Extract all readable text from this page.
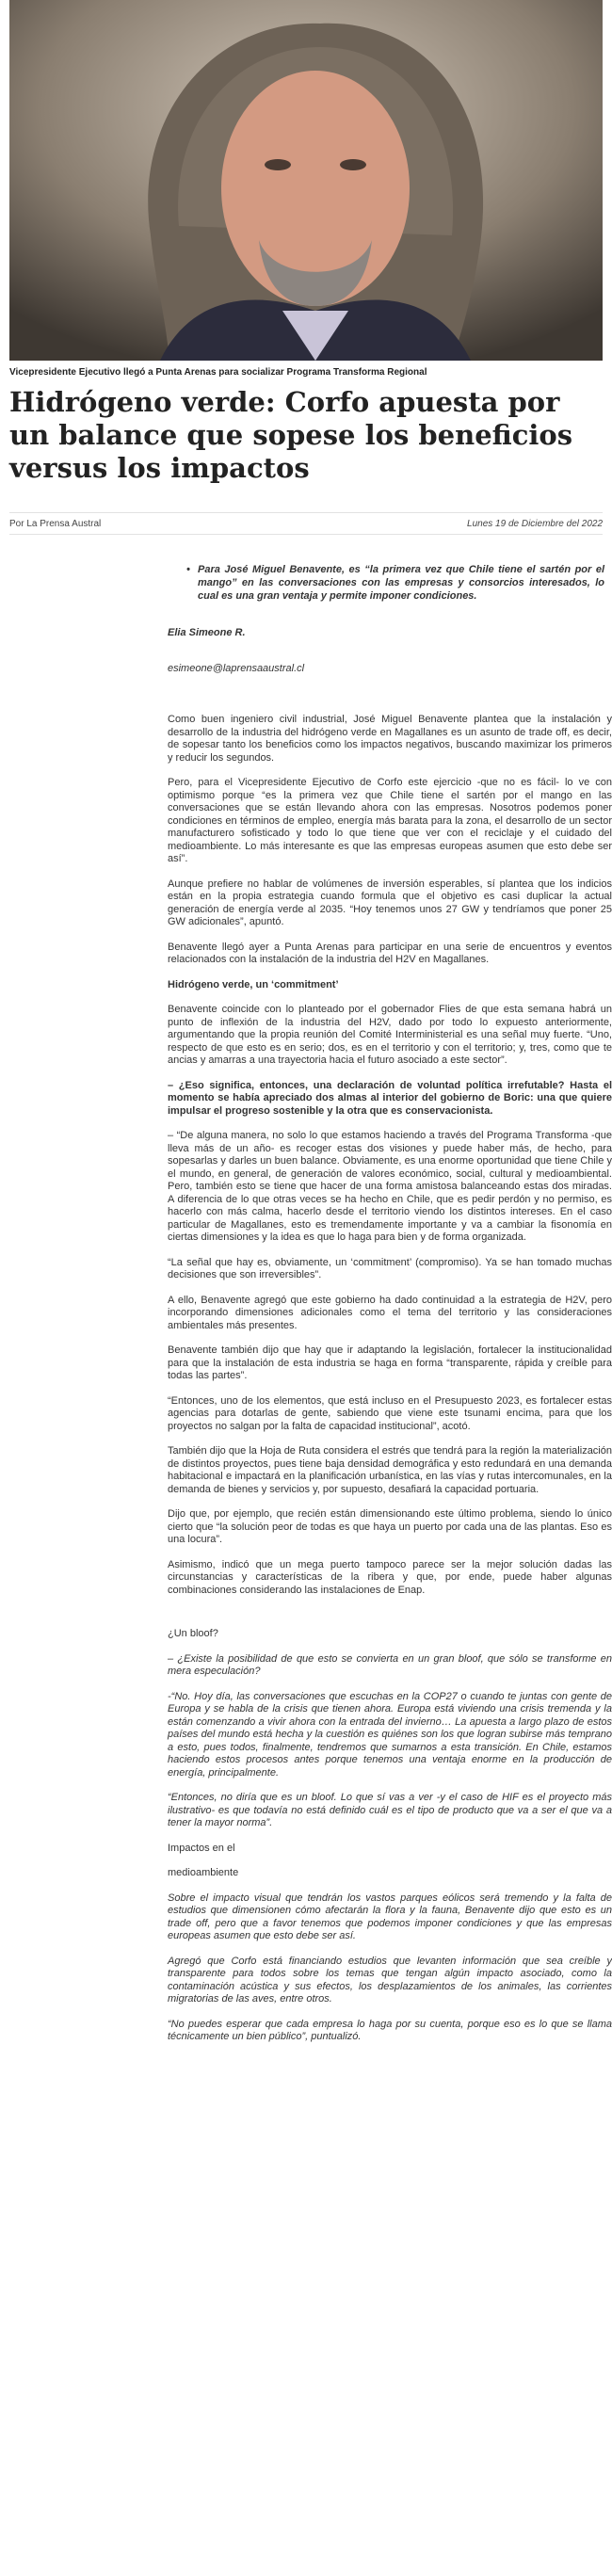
Vicepresidente Ejecutivo llegó a Punta Arenas para socializar Programa Transforma Regional
Hidrógeno verde: Corfo apuesta por un balance que sopese los beneficios versus los impactos
Por La Prensa Austral	Lunes 19 de Diciembre del 2022
• Para José Miguel Benavente, es “la primera vez que Chile tiene el sartén por el mango” en las conversaciones con las empresas y consorcios interesados, lo cual es una gran ventaja y permite imponer condiciones.
Elia Simeone R.
esimeone@laprensaaustral.cl

Como buen ingeniero civil industrial, José Miguel Benavente plantea que la instalación y desarrollo de la industria del hidrógeno verde en Magallanes es un asunto de trade off, es decir, de sopesar tanto los beneficios como los impactos negativos, buscando maximizar los primeros y reducir los segundos.

Pero, para el Vicepresidente Ejecutivo de Corfo este ejercicio -que no es fácil- lo ve con optimismo porque “es la primera vez que Chile tiene el sartén por el mango en las conversaciones que se están llevando ahora con las empresas. Nosotros podemos poner condiciones en términos de empleo, energía más barata para la zona, el desarrollo de un sector manufacturero sofisticado y todo lo que tiene que ver con el reciclaje y el cuidado del medioambiente. Lo más interesante es que las empresas europeas asumen que esto debe ser así”.

Aunque prefiere no hablar de volúmenes de inversión esperables, sí plantea que los indicios están en la propia estrategia cuando formula que el objetivo es casi duplicar la actual generación de energía verde al 2035. “Hoy tenemos unos 27 GW y tendríamos que poner 25 GW adicionales”, apuntó.

Benavente llegó ayer a Punta Arenas para participar en una serie de encuentros y eventos relacionados con la instalación de la industria del H2V en Magallanes.

Hidrógeno verde, un ‘commitment’

Benavente coincide con lo planteado por el gobernador Flies de que esta semana habrá un punto de inflexión de la industria del H2V, dado por todo lo expuesto anteriormente, argumentando que la propia reunión del Comité Interministerial es una señal muy fuerte. “Uno, respecto de que esto es en serio; dos, es en el territorio y con el territorio; y, tres, como que te ancias y amarras a una trayectoria hacia el futuro asociado a este sector”.

– ¿Eso significa, entonces, una declaración de voluntad política irrefutable? Hasta el momento se había apreciado dos almas al interior del gobierno de Boric: una que quiere impulsar el progreso sostenible y la otra que es conservacionista.

– “De alguna manera, no solo lo que estamos haciendo a través del Programa Transforma -que lleva más de un año- es recoger estas dos visiones y puede haber más, de hecho, para sopesarlas y darles un buen balance. Obviamente, es una enorme oportunidad que tiene Chile y el mundo, en general, de generación de valores económico, social, cultural y medioambiental. Pero, también esto se tiene que hacer de una forma amistosa balanceando estas dos miradas. A diferencia de lo que otras veces se ha hecho en Chile, que es pedir perdón y no permiso, es hacerlo con más calma, hacerlo desde el territorio viendo los distintos intereses. En el caso particular de Magallanes, esto es tremendamente importante y va a cambiar la fisonomía en ciertas dimensiones y la idea es que lo haga para bien y de forma organizada.

“La señal que hay es, obviamente, un ‘commitment’ (compromiso). Ya se han tomado muchas decisiones que son irreversibles”.

A ello, Benavente agregó que este gobierno ha dado continuidad a la estrategia de H2V, pero incorporando dimensiones adicionales como el tema del territorio y las consideraciones ambientales más presentes.

Benavente también dijo que hay que ir adaptando la legislación, fortalecer la institucionalidad para que la instalación de esta industria se haga en forma “transparente, rápida y creíble para todas las partes”.

“Entonces, uno de los elementos, que está incluso en el Presupuesto 2023, es fortalecer estas agencias para dotarlas de gente, sabiendo que viene este tsunami encima, para que los proyectos no salgan por la falta de capacidad institucional”, acotó.

También dijo que la Hoja de Ruta considera el estrés que tendrá para la región la materialización de distintos proyectos, pues tiene baja densidad demográfica y esto redundará en una demanda habitacional e impactará en la planificación urbanística, en las vías y rutas intercomunales, en la demanda de bienes y servicios y, por supuesto, desafiará la capacidad portuaria.

Dijo que, por ejemplo, que recién están dimensionando este último problema, siendo lo único cierto que “la solución peor de todas es que haya un puerto por cada una de las plantas. Eso es una locura”.

Asimismo, indicó que un mega puerto tampoco parece ser la mejor solución dadas las circunstancias y características de la ribera y que, por ende, puede haber algunas combinaciones considerando las instalaciones de Enap.

¿Un bloof?

– ¿Existe la posibilidad de que esto se convierta en un gran bloof, que sólo se transforme en mera especulación?

-“No. Hoy día, las conversaciones que escuchas en la COP27 o cuando te juntas con gente de Europa y se habla de la crisis que tienen ahora. Europa está viviendo una crisis tremenda y la están comenzando a vivir ahora con la entrada del invierno… La apuesta a largo plazo de estos países del mundo está hecha y la cuestión es quiénes son los que logran subirse más temprano a esto, pues todos, finalmente, tendremos que sumarnos a esta transición. En Chile, estamos haciendo estos procesos antes porque tenemos una ventaja enorme en la producción de energía, principalmente.

“Entonces, no diría que es un bloof. Lo que sí vas a ver -y el caso de HIF es el proyecto más ilustrativo- es que todavía no está definido cuál es el tipo de producto que va a ser el que va a tener la mayor norma”.

Impactos en el

medioambiente

Sobre el impacto visual que tendrán los vastos parques eólicos será tremendo y la falta de estudios que dimensionen cómo afectarán la flora y la fauna, Benavente dijo que esto es un trade off, pero que a favor tenemos que podemos imponer condiciones y que las empresas europeas asumen que esto debe ser así.

Agregó que Corfo está financiando estudios que levanten información que sea creíble y transparente para todos sobre los temas que tengan algún impacto asociado, como la contaminación acústica y sus efectos, los desplazamientos de los animales, las corrientes migratorias de las aves, entre otros.

“No puedes esperar que cada empresa lo haga por su cuenta, porque eso es lo que se llama técnicamente un bien público”, puntualizó.
